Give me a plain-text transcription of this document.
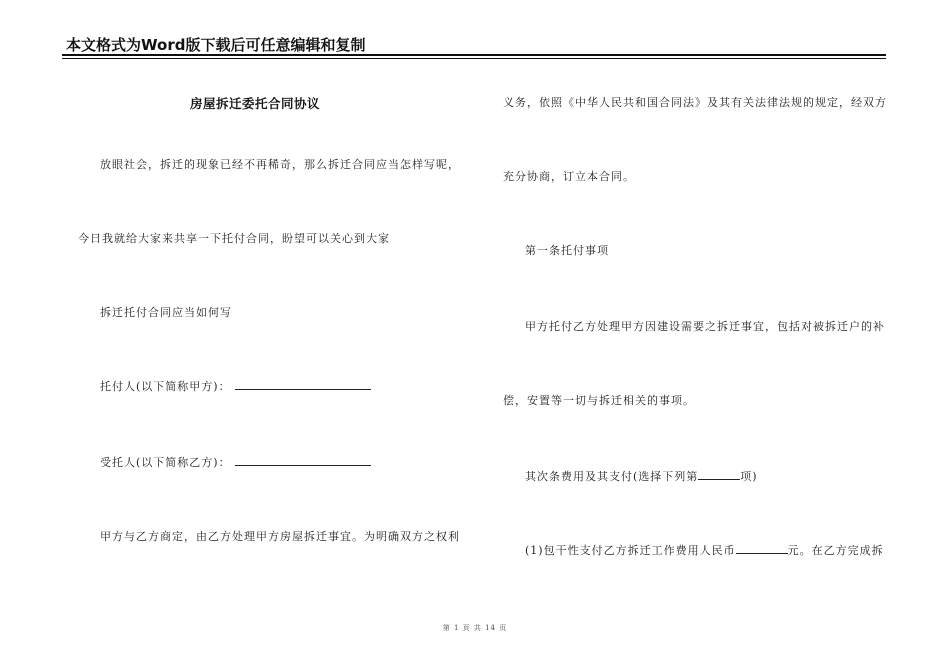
本文格式为Word版下载后可任意编辑和复制
房屋拆迁委托合同协议
放眼社会，拆迁的现象已经不再稀奇，那么拆迁合同应当怎样写呢，
今日我就给大家来共享一下托付合同，盼望可以关心到大家
拆迁托付合同应当如何写
托付人(以下简称甲方)：
受托人(以下简称乙方)：
甲方与乙方商定，由乙方处理甲方房屋拆迁事宜。为明确双方之权利
义务，依照《中华人民共和国合同法》及其有关法律法规的规定，经双方
充分协商，订立本合同。
第一条托付事项
甲方托付乙方处理甲方因建设需要之拆迁事宜，包括对被拆迁户的补
偿，安置等一切与拆迁相关的事项。
其次条费用及其支付(选择下列第	项)
(1)包干性支付乙方拆迁工作费用人民币	元。在乙方完成拆
第 1 页 共 14 页
